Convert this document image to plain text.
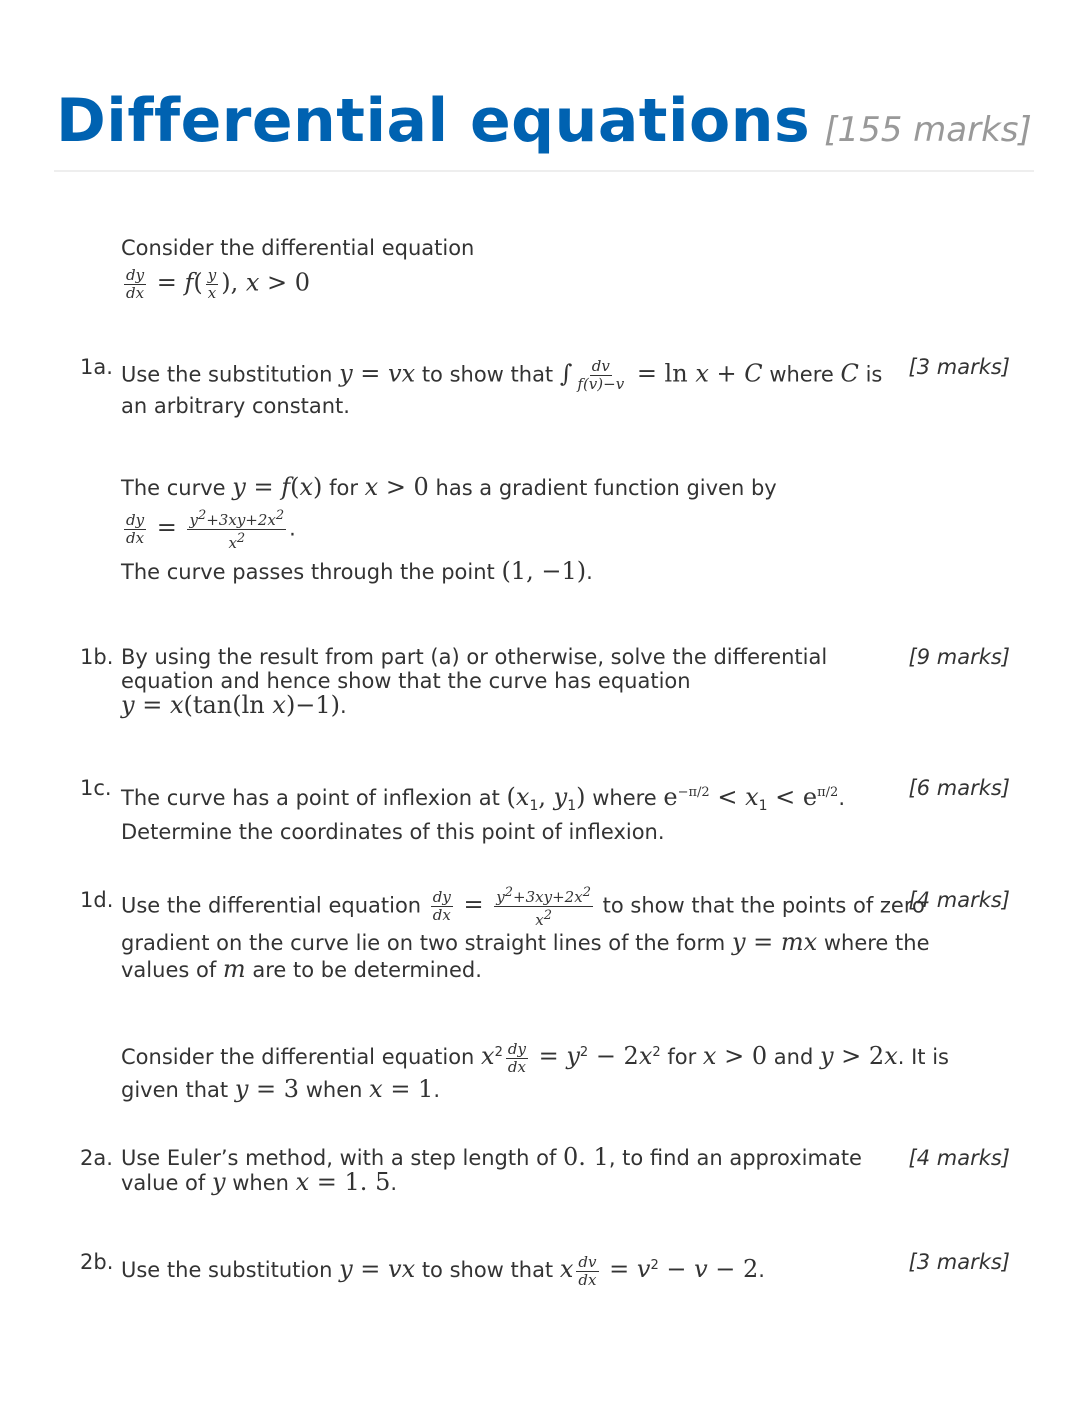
Differential equations [155 marks]
Consider the differential equation
$\frac{dy}{dx} = f( \frac{y}{x}$ ), x > 0
1a.	[3 marks]
Use the substitution y = vx to show that ∫ $\frac{dv}{f(v)-v} = \ln x + C$ where C is an arbitrary constant.
The curve y = f(x) for x > 0 has a gradient function given by
$\frac{dy}{dx} = \frac{y^2+3xy+2x^2}{x^2}$ .
The curve passes through the point (1, −1).
1b.	[9 marks]
By using the result from part (a) or otherwise, solve the differential equation and hence show that the curve has equation
y = x(tan(ln x)−1).
1c.	[6 marks]
The curve has a point of inflexion at ($x_1$, $y_1$) where $e^{-\pi/2} < x_1 < e^{\pi/2}$.
Determine the coordinates of this point of inflexion.
1d.	[4 marks]
Use the differential equation $\frac{dy}{dx} = \frac{y^2+3xy+2x^2}{x^2}$ to show that the points of zero gradient on the curve lie on two straight lines of the form y = mx where the values of m are to be determined.
Consider the differential equation $x^2 \frac{dy}{dx} = y^2 - 2x^2$ for x > 0 and y > 2x. It is given that y = 3 when x = 1.
2a.	[4 marks]
Use Euler’s method, with a step length of 0. 1, to find an approximate value of y when x = 1. 5.
2b.	[3 marks]
Use the substitution y = vx to show that x $\frac{dv}{dx} = v^2 - v - 2$.
